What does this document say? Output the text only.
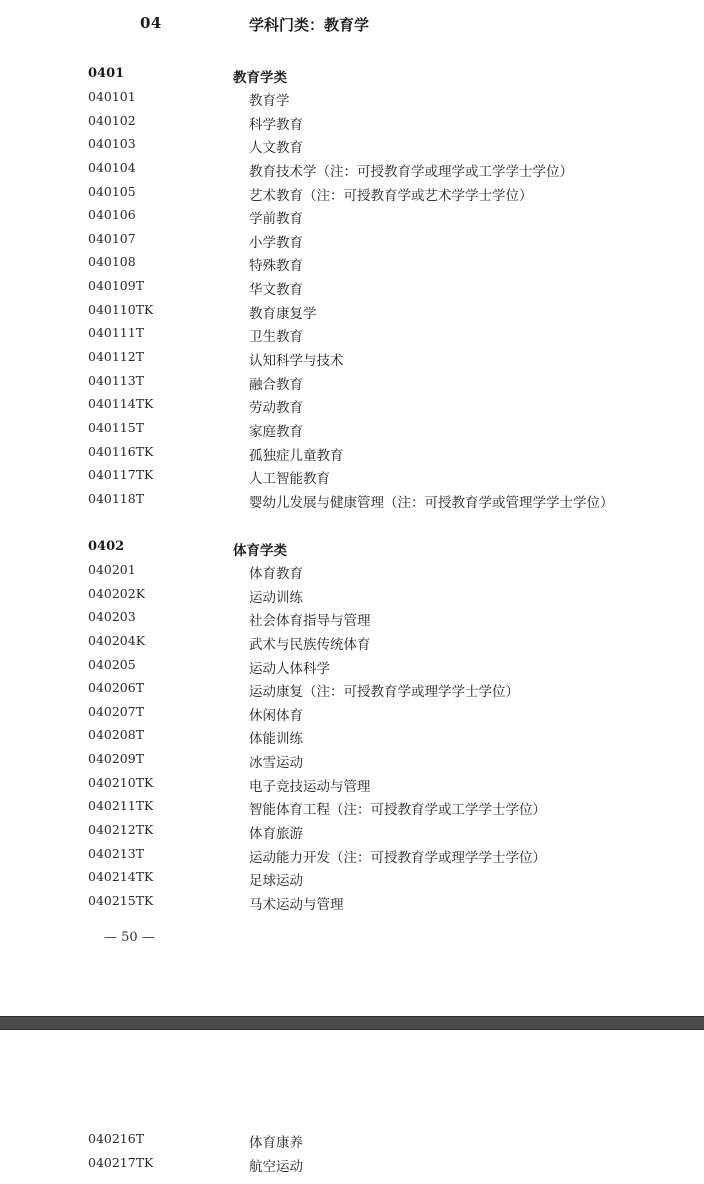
04	学科门类：教育学
0401	教育学类
040101	教育学
040102	科学教育
040103	人文教育
040104	教育技术学（注：可授教育学或理学或工学学士学位）
040105	艺术教育（注：可授教育学或艺术学学士学位）
040106	学前教育
040107	小学教育
040108	特殊教育
040109T	华文教育
040110TK	教育康复学
040111T	卫生教育
040112T	认知科学与技术
040113T	融合教育
040114TK	劳动教育
040115T	家庭教育
040116TK	孤独症儿童教育
040117TK	人工智能教育
040118T	婴幼儿发展与健康管理（注：可授教育学或管理学学士学位）
0402	体育学类
040201	体育教育
040202K	运动训练
040203	社会体育指导与管理
040204K	武术与民族传统体育
040205	运动人体科学
040206T	运动康复（注：可授教育学或理学学士学位）
040207T	休闲体育
040208T	体能训练
040209T	冰雪运动
040210TK	电子竞技运动与管理
040211TK	智能体育工程（注：可授教育学或工学学士学位）
040212TK	体育旅游
040213T	运动能力开发（注：可授教育学或理学学士学位）
040214TK	足球运动
040215TK	马术运动与管理
— 50 —
040216T	体育康养
040217TK	航空运动
